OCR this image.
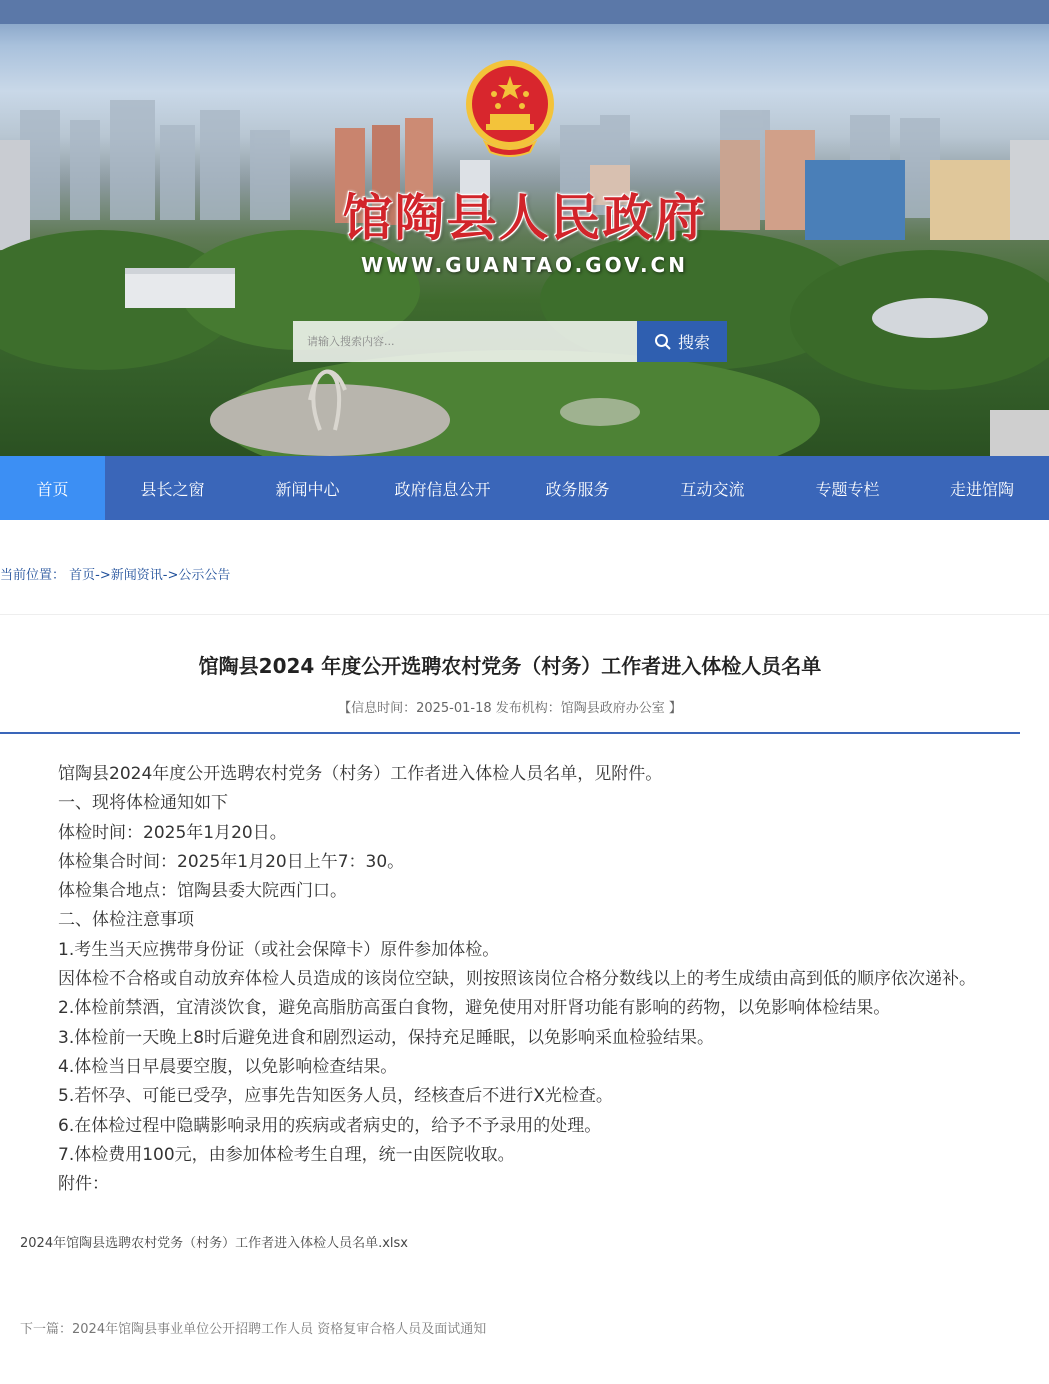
馆陶县人民政府
WWW.GUANTAO.GOV.CN
请输入搜索内容...
搜索
首页	县长之窗	新闻中心	政府信息公开	政务服务	互动交流	专题专栏	走进馆陶
当前位置： 首页->新闻资讯->公示公告
馆陶县2024 年度公开选聘农村党务（村务）工作者进入体检人员名单
【信息时间：2025-01-18 发布机构：馆陶县政府办公室 】

馆陶县2024年度公开选聘农村党务（村务）工作者进入体检人员名单，见附件。

一、现将体检通知如下

体检时间：2025年1月20日。

体检集合时间：2025年1月20日上午7：30。

体检集合地点：馆陶县委大院西门口。

二、体检注意事项

1.考生当天应携带身份证（或社会保障卡）原件参加体检。

因体检不合格或自动放弃体检人员造成的该岗位空缺，则按照该岗位合格分数线以上的考生成绩由高到低的顺序依次递补。

2.体检前禁酒，宜清淡饮食，避免高脂肪高蛋白食物，避免使用对肝肾功能有影响的药物，以免影响体检结果。

3.体检前一天晚上8时后避免进食和剧烈运动，保持充足睡眠，以免影响采血检验结果。

4.体检当日早晨要空腹，以免影响检查结果。

5.若怀孕、可能已受孕，应事先告知医务人员，经核查后不进行X光检查。

6.在体检过程中隐瞒影响录用的疾病或者病史的，给予不予录用的处理。

7.体检费用100元，由参加体检考生自理，统一由医院收取。

附件：

2024年馆陶县选聘农村党务（村务）工作者进入体检人员名单.xlsx
下一篇：2024年馆陶县事业单位公开招聘工作人员 资格复审合格人员及面试通知
